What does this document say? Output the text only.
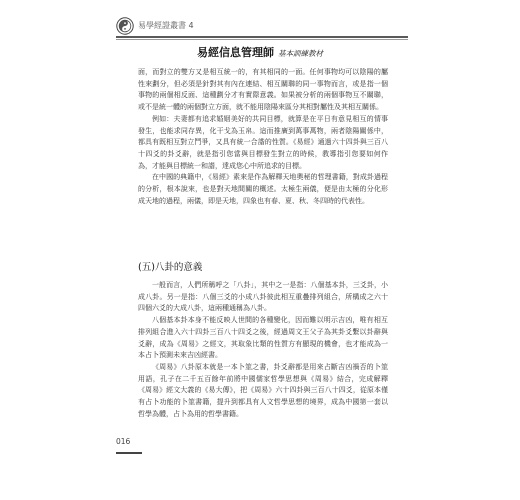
易學經證叢書 4
易經信息管理師 基本訓練教材

面，而對立的雙方又是相互統一的，有其相同的一面。任何事物均可以陰陽的屬性來劃分，但必須是針對其有內在連結、相互關聯的同一事物而言，或是指一個事物的兩個相反面、這種劃分才有實際意義。如果被分析的兩個事物互不關聯，或不是統一體的兩個對立方面，就不能用陰陽來區分其相對屬性及其相互關係。

例如：夫妻都有追求婚姻美好的共同目標，就算是在平日有意見相互的情事發生，也能求同存異，化干戈為玉帛。這而推廣到萬事萬物，兩者陰陽關係中，都具有既相互對立鬥爭，又具有統一合諧的性質。《易經》通過六十四卦與三百八十四爻的卦爻辭，就是指引您當與目標發生對立的時候，教導指引您要如何作為，才能與目標統一和諧，達成您心中所追求的目標。

在中國的典籍中，《易經》素來是作為解釋天地奧秘的哲理書籍，對成卦過程的分析，根本說來，也是對天地間關的概述。太極生兩儀，便是由太極的分化形成天地的過程，兩儀，即是天地，四象也有春、夏、秋、冬四時的代表性。

(五)八卦的意義

一般而言，人們所稱呼之「八卦」，其中之一是指：八個基本卦，三爻卦，小成八卦。另一是指：八個三爻的小成八卦彼此相互重疊排列組合，所構成之六十四個六爻的大成八卦，這兩種通稱為八卦。

八個基本卦本身不能反映人世間的各種變化，因而難以明示吉凶，唯有相互排列組合進入六十四卦三百八十四爻之後，經過周文王父子為其卦爻繫以卦辭與爻辭，成為《周易》之經文，其取象比類的性質方有顯現的機會，也才能成為一本占卜預測未來吉凶經書。

《周易》八卦原本就是一本卜筮之書，卦爻辭都是用來占斷吉凶禍否的卜筮用語，孔子在二千五百餘年前將中國儒家哲學思想與《周易》結合，完成解釋《周易》經文大義的《易大傳》，把《周易》六十四卦與三百八十四爻，從原本僅有占卜功能的卜筮書籍，提升到都具有人文哲學思想的境界，成為中國第一套以哲學為體，占卜為用的哲學書籍。

016
